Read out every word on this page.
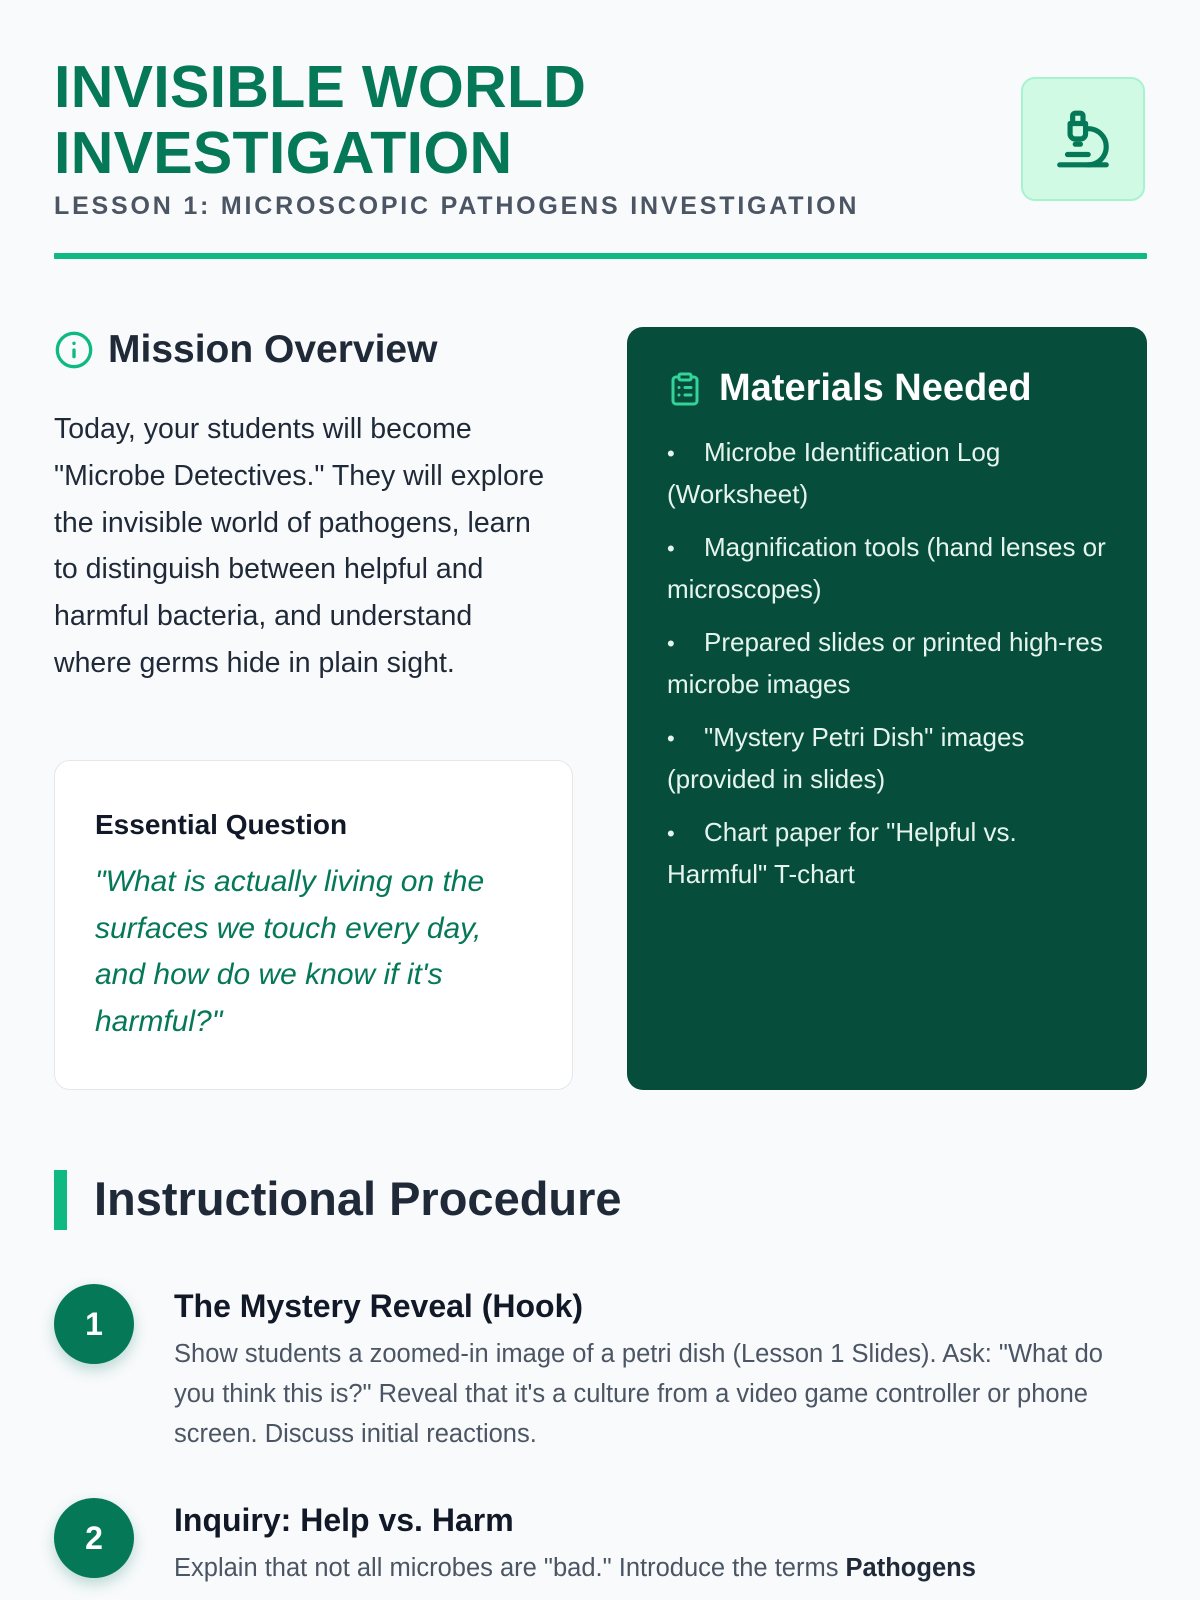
INVISIBLE WORLD
INVESTIGATION
LESSON 1: MICROSCOPIC PATHOGENS INVESTIGATION
Mission Overview
Today, your students will become "Microbe Detectives." They will explore the invisible world of pathogens, learn to distinguish between helpful and harmful bacteria, and understand where germs hide in plain sight.
Essential Question
"What is actually living on the surfaces we touch every day, and how do we know if it's harmful?"
Materials Needed
• Microbe Identification Log (Worksheet)
• Magnification tools (hand lenses or microscopes)
• Prepared slides or printed high-res microbe images
• "Mystery Petri Dish" images (provided in slides)
• Chart paper for "Helpful vs. Harmful" T-chart
Instructional Procedure
1	The Mystery Reveal (Hook)
Show students a zoomed-in image of a petri dish (Lesson 1 Slides). Ask: "What do you think this is?" Reveal that it's a culture from a video game controller or phone screen. Discuss initial reactions.
2	Inquiry: Help vs. Harm
Explain that not all microbes are "bad." Introduce the terms Pathogens
